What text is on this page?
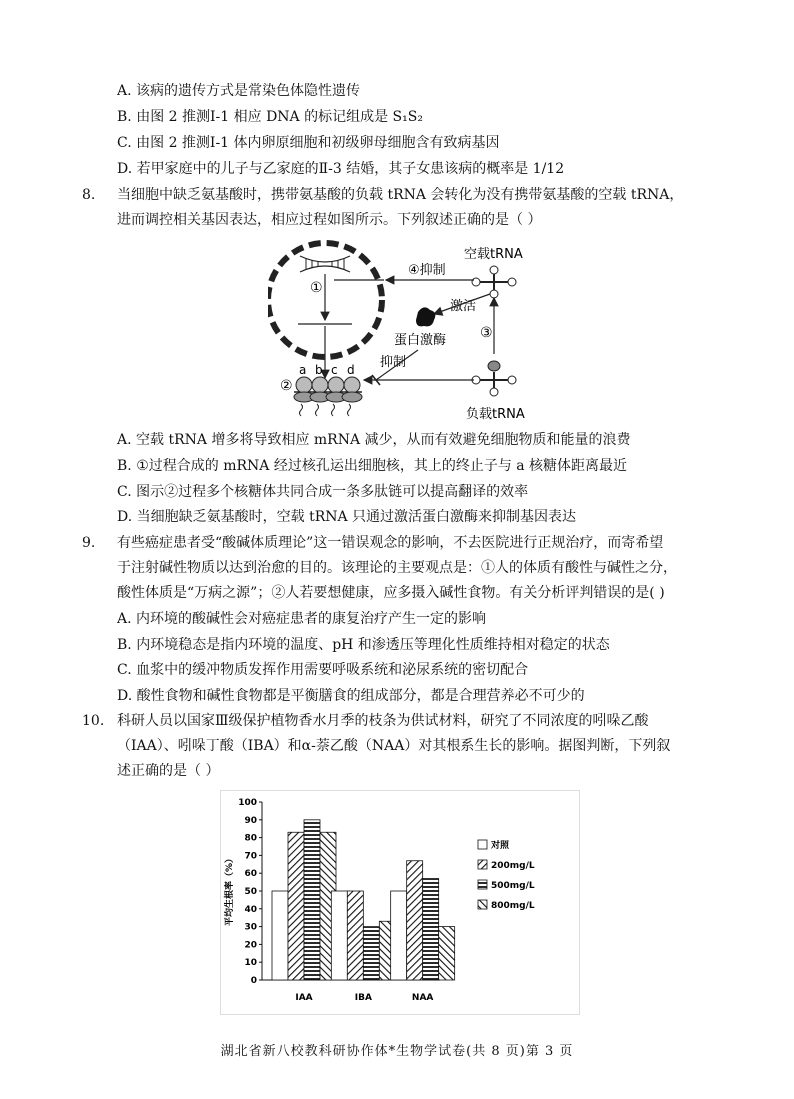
A. 该病的遗传方式是常染色体隐性遗传
B. 由图 2 推测Ⅰ-1 相应 DNA 的标记组成是 S₁S₂
C. 由图 2 推测Ⅰ-1 体内卵原细胞和初级卵母细胞含有致病基因
D. 若甲家庭中的儿子与乙家庭的Ⅱ-3 结婚，其子女患该病的概率是 1/12
8. 当细胞中缺乏氨基酸时，携带氨基酸的负载 tRNA 会转化为没有携带氨基酸的空载 tRNA，
进而调控相关基因表达，相应过程如图所示。下列叙述正确的是（ ）
①
②
a b c d
空载tRNA
④抑制
激活
蛋白激酶
抑制
③
负载tRNA
A. 空载 tRNA 增多将导致相应 mRNA 减少，从而有效避免细胞物质和能量的浪费
B. ①过程合成的 mRNA 经过核孔运出细胞核，其上的终止子与 a 核糖体距离最近
C. 图示②过程多个核糖体共同合成一条多肽链可以提高翻译的效率
D. 当细胞缺乏氨基酸时，空载 tRNA 只通过激活蛋白激酶来抑制基因表达
9. 有些癌症患者受“酸碱体质理论”这一错误观念的影响，不去医院进行正规治疗，而寄希望
于注射碱性物质以达到治愈的目的。该理论的主要观点是：①人的体质有酸性与碱性之分，
酸性体质是“万病之源”；②人若要想健康，应多摄入碱性食物。有关分析评判错误的是( )
A. 内环境的酸碱性会对癌症患者的康复治疗产生一定的影响
B. 内环境稳态是指内环境的温度、pH 和渗透压等理化性质维持相对稳定的状态
C. 血浆中的缓冲物质发挥作用需要呼吸系统和泌尿系统的密切配合
D. 酸性食物和碱性食物都是平衡膳食的组成部分，都是合理营养必不可少的
10. 科研人员以国家Ⅲ级保护植物香水月季的枝条为供试材料，研究了不同浓度的吲哚乙酸
（IAA）、吲哚丁酸（IBA）和α-萘乙酸（NAA）对其根系生长的影响。据图判断，下列叙
述正确的是（ ）
平均生根率（%）
0
10
20
30
40
50
60
70
80
90
100
IAA	IBA	NAA
对照
200mg/L
500mg/L
800mg/L
湖北省新八校教科研协作体*生物学试卷(共 8 页)第 3 页
